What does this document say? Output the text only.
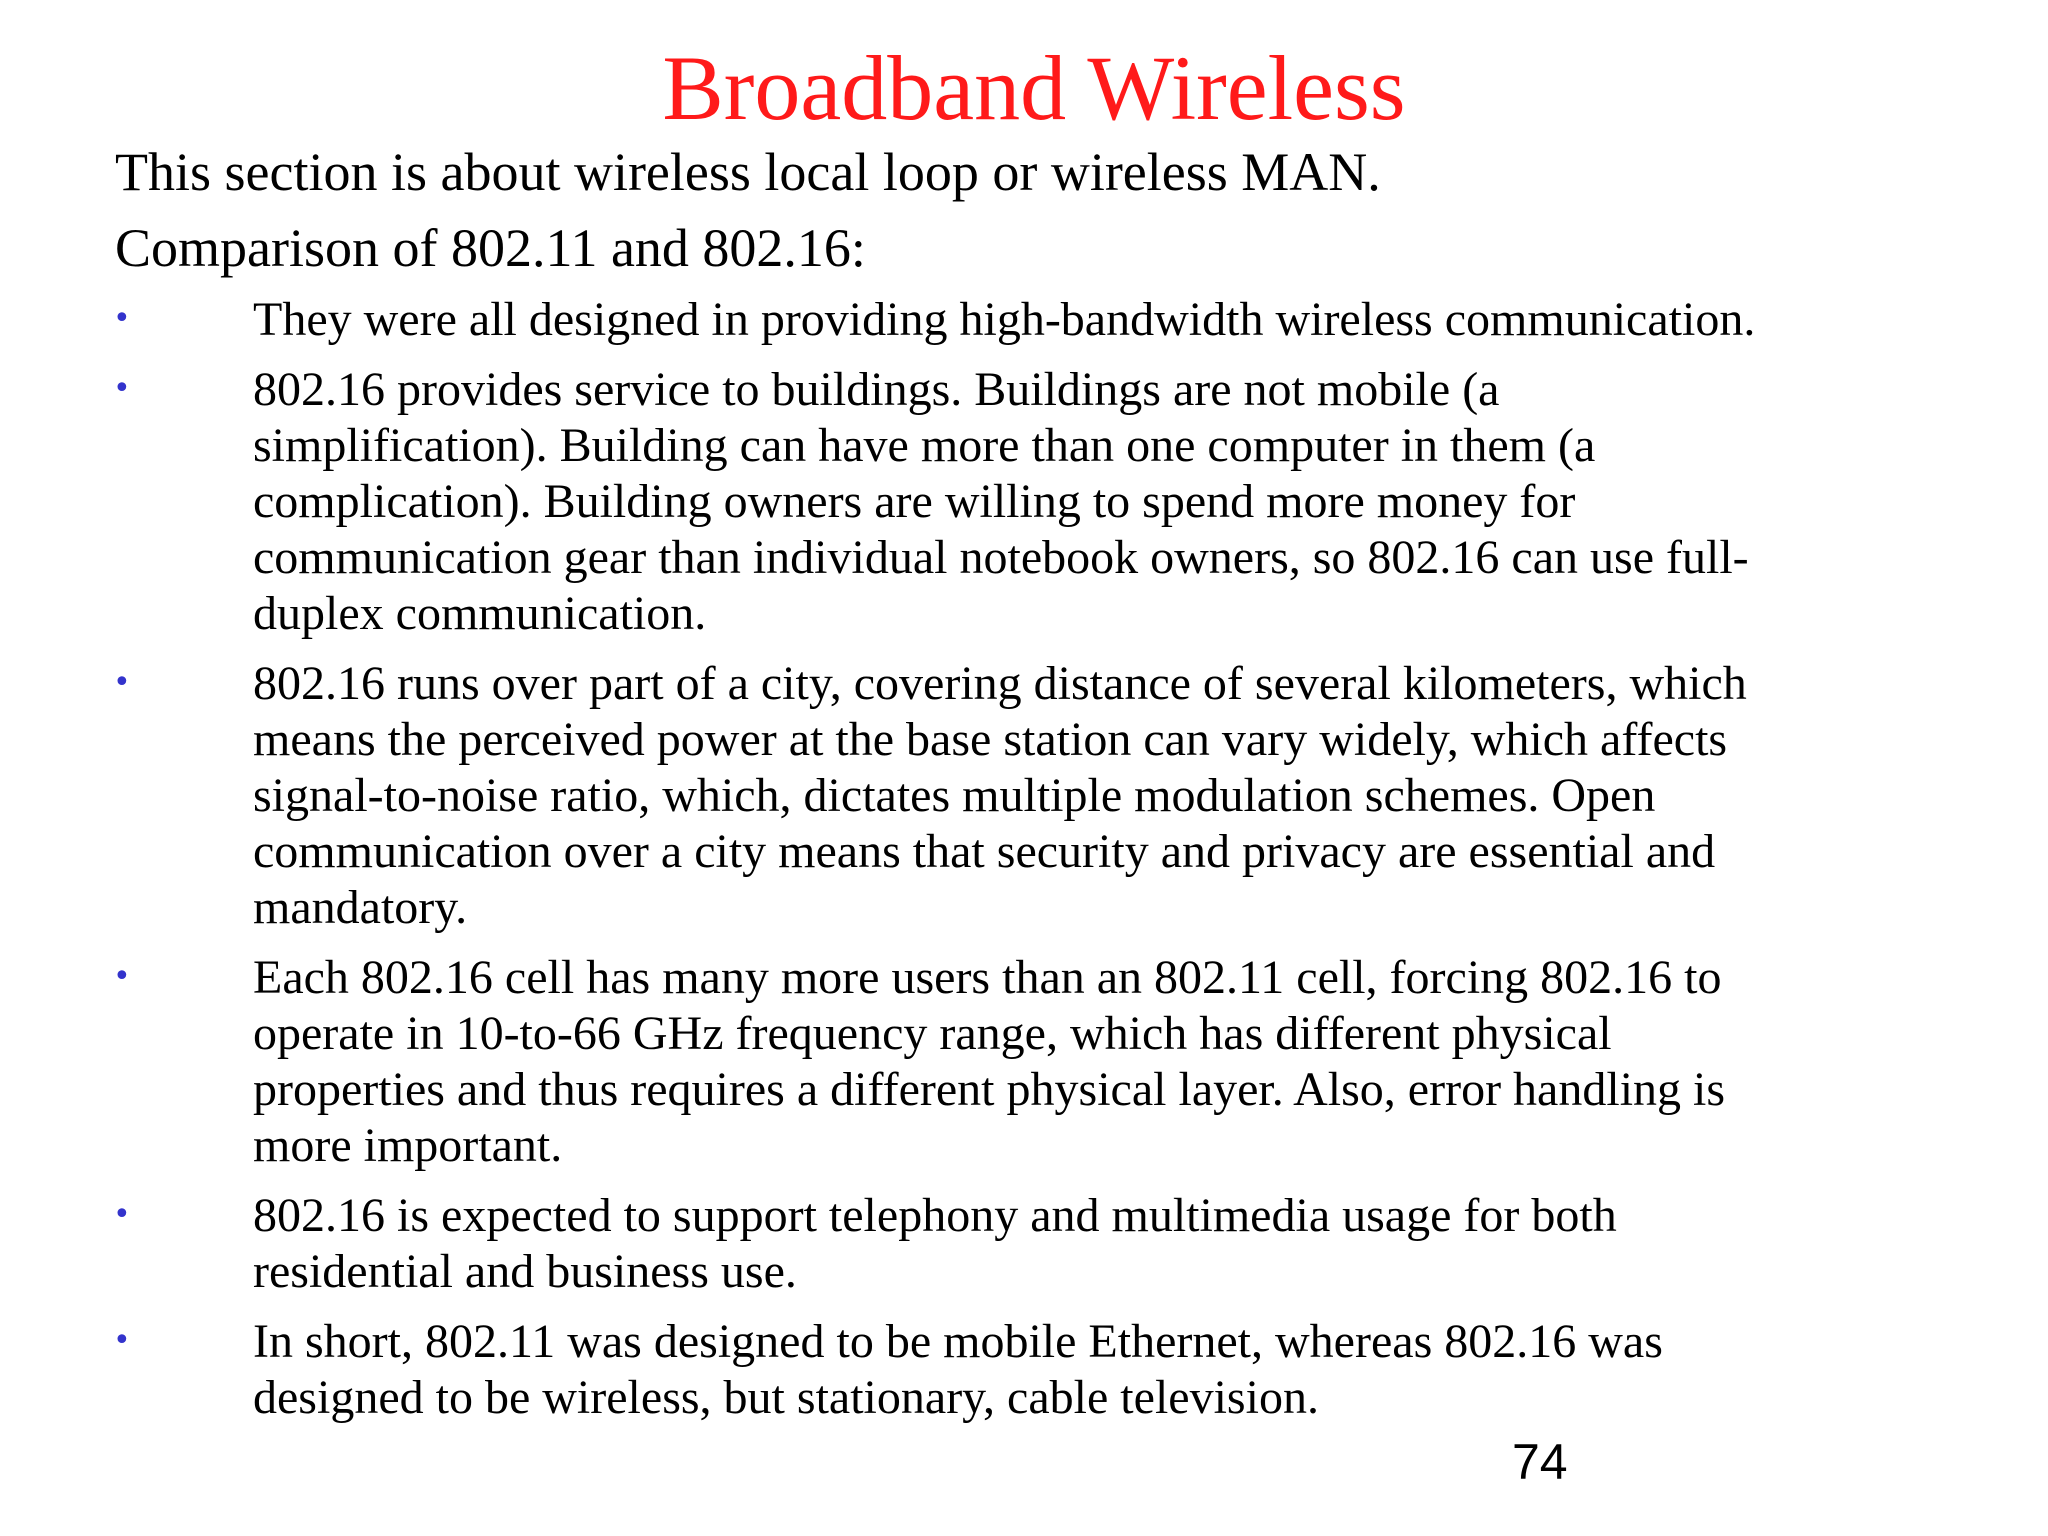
Broadband Wireless
This section is about wireless local loop or wireless MAN.
Comparison of 802.11 and 802.16:
•	They were all designed in providing high-bandwidth wireless communication.
•	802.16 provides service to buildings. Buildings are not mobile (a
simplification). Building can have more than one computer in them (a
complication). Building owners are willing to spend more money for
communication gear than individual notebook owners, so 802.16 can use full-
duplex communication.
•	802.16 runs over part of a city, covering distance of several kilometers, which
means the perceived power at the base station can vary widely, which affects
signal-to-noise ratio, which, dictates multiple modulation schemes. Open
communication over a city means that security and privacy are essential and
mandatory.
•	Each 802.16 cell has many more users than an 802.11 cell, forcing 802.16 to
operate in 10-to-66 GHz frequency range, which has different physical
properties and thus requires a different physical layer. Also, error handling is
more important.
•	802.16 is expected to support telephony and multimedia usage for both
residential and business use.
•	In short, 802.11 was designed to be mobile Ethernet, whereas 802.16 was
designed to be wireless, but stationary, cable television.
74
